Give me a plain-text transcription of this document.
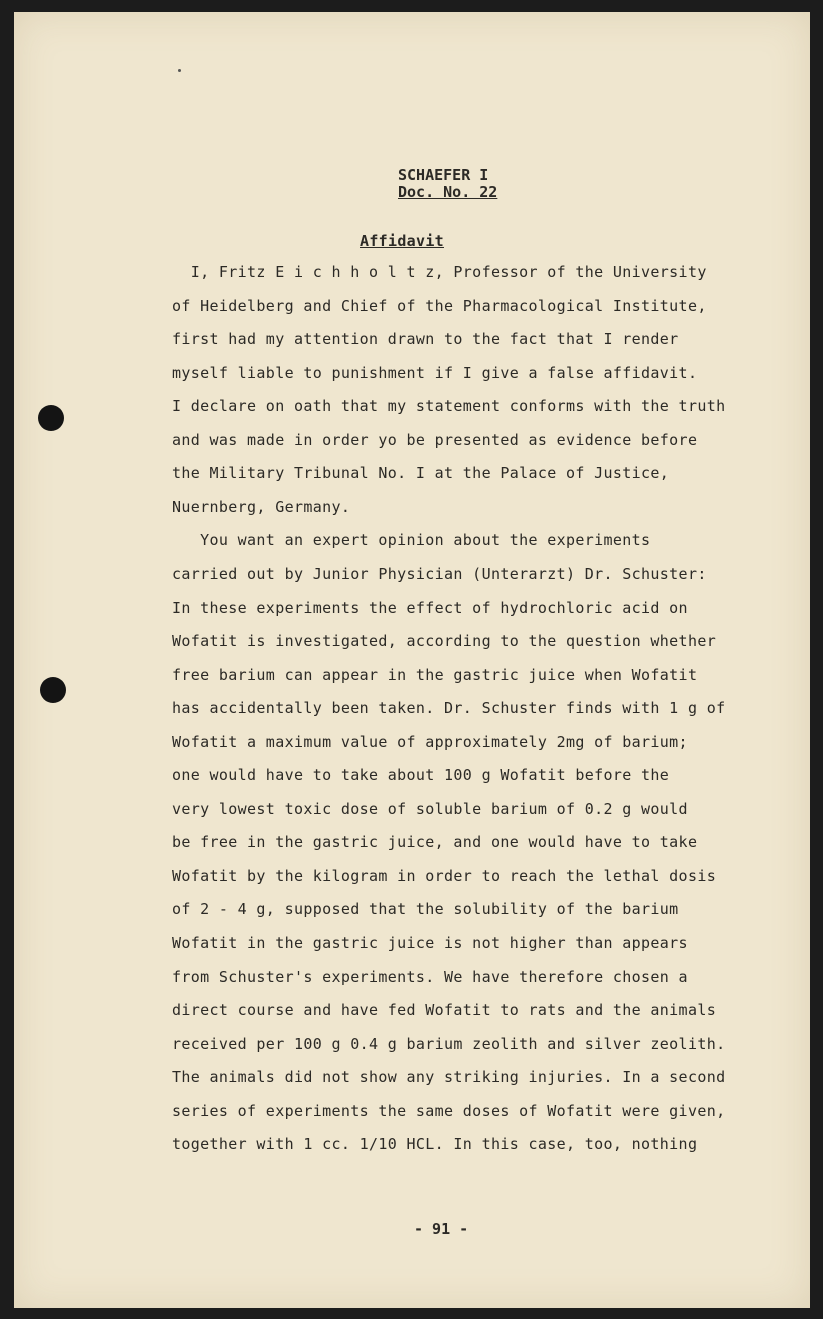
SCHAEFER I
Doc. No. 22
Affidavit
I, Fritz E i c h h o l t z, Professor of the University
of Heidelberg and Chief of the Pharmacological Institute,
first had my attention drawn to the fact that I render
myself liable to punishment if I give a false affidavit.
I declare on oath that my statement conforms with the truth
and was made in order yo be presented as evidence before
the Military Tribunal No. I at the Palace of Justice,
Nuernberg, Germany.
You want an expert opinion about the experiments
carried out by Junior Physician (Unterarzt) Dr. Schuster:
In these experiments the effect of hydrochloric acid on
Wofatit is investigated, according to the question whether
free barium can appear in the gastric juice when Wofatit
has accidentally been taken. Dr. Schuster finds with 1 g of
Wofatit a maximum value of approximately 2mg of barium;
one would have to take about 100 g Wofatit before the
very lowest toxic dose of soluble barium of 0.2 g would
be free in the gastric juice, and one would have to take
Wofatit by the kilogram in order to reach the lethal dosis
of 2 - 4 g, supposed that the solubility of the barium
Wofatit in the gastric juice is not higher than appears
from Schuster's experiments. We have therefore chosen a
direct course and have fed Wofatit to rats and the animals
received per 100 g 0.4 g barium zeolith and silver zeolith.
The animals did not show any striking injuries. In a second
series of experiments the same doses of Wofatit were given,
together with 1 cc. 1/10 HCL. In this case, too, nothing
- 91 -
